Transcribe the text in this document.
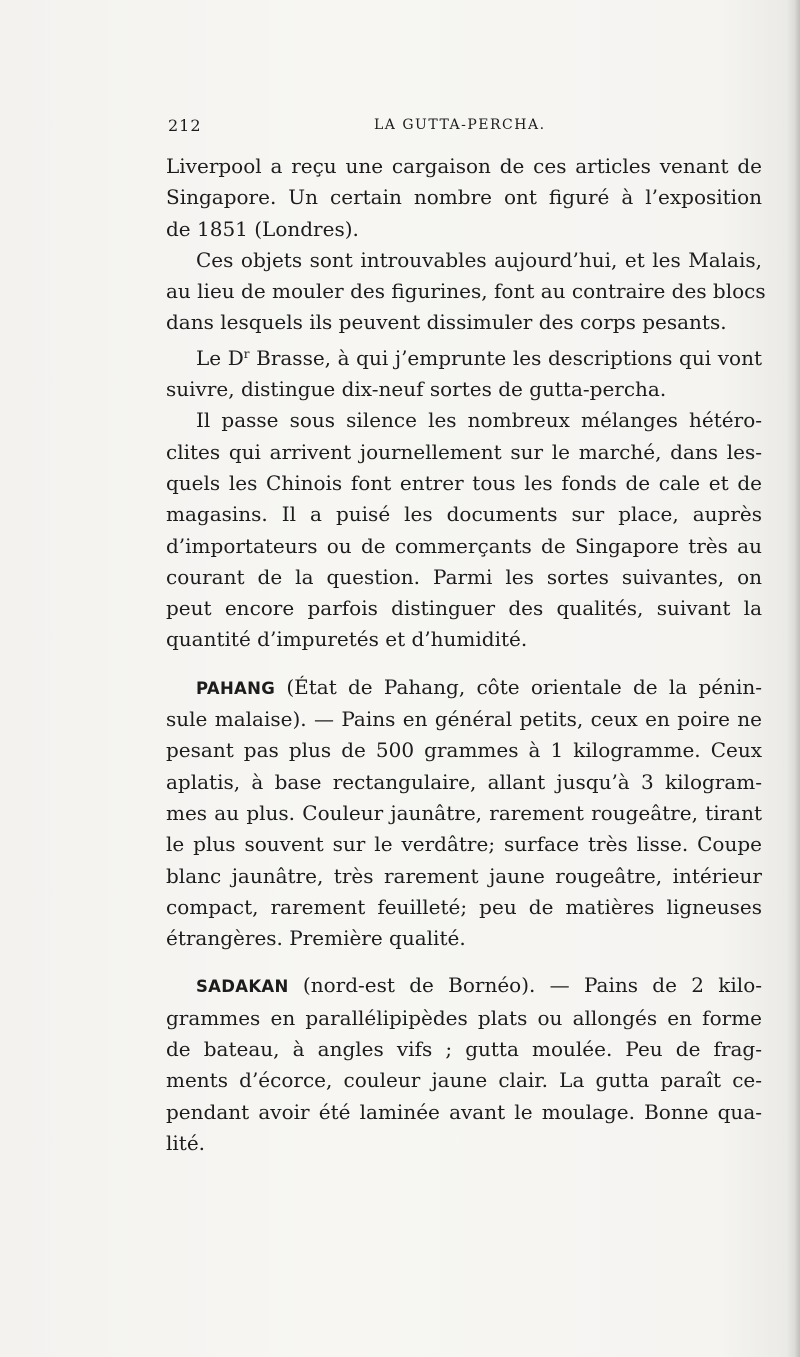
212	LA GUTTA-PERCHA.

Liverpool a reçu une cargaison de ces articles venant de
Singapore. Un certain nombre ont figuré à l’exposition
de 1851 (Londres).

Ces objets sont introuvables aujourd’hui, et les Malais,
au lieu de mouler des figurines, font au contraire des blocs
dans lesquels ils peuvent dissimuler des corps pesants.

Le $D^r$ Brasse, à qui j’emprunte les descriptions qui vont
suivre, distingue dix-neuf sortes de gutta-percha.

Il passe sous silence les nombreux mélanges hétéro-
clites qui arrivent journellement sur le marché, dans les-
quels les Chinois font entrer tous les fonds de cale et de
magasins. Il a puisé les documents sur place, auprès
d’importateurs ou de commerçants de Singapore très au
courant de la question. Parmi les sortes suivantes, on
peut encore parfois distinguer des qualités, suivant la
quantité d’impuretés et d’humidité.

PAHANG (État de Pahang, côte orientale de la pénin-
sule malaise). — Pains en général petits, ceux en poire ne
pesant pas plus de 500 grammes à 1 kilogramme. Ceux
aplatis, à base rectangulaire, allant jusqu’à 3 kilogram-
mes au plus. Couleur jaunâtre, rarement rougeâtre, tirant
le plus souvent sur le verdâtre; surface très lisse. Coupe
blanc jaunâtre, très rarement jaune rougeâtre, intérieur
compact, rarement feuilleté; peu de matières ligneuses
étrangères. Première qualité.

SADAKAN (nord-est de Bornéo). — Pains de 2 kilo-
grammes en parallélipipèdes plats ou allongés en forme
de bateau, à angles vifs ; gutta moulée. Peu de frag-
ments d’écorce, couleur jaune clair. La gutta paraît ce-
pendant avoir été laminée avant le moulage. Bonne qua-
lité.
